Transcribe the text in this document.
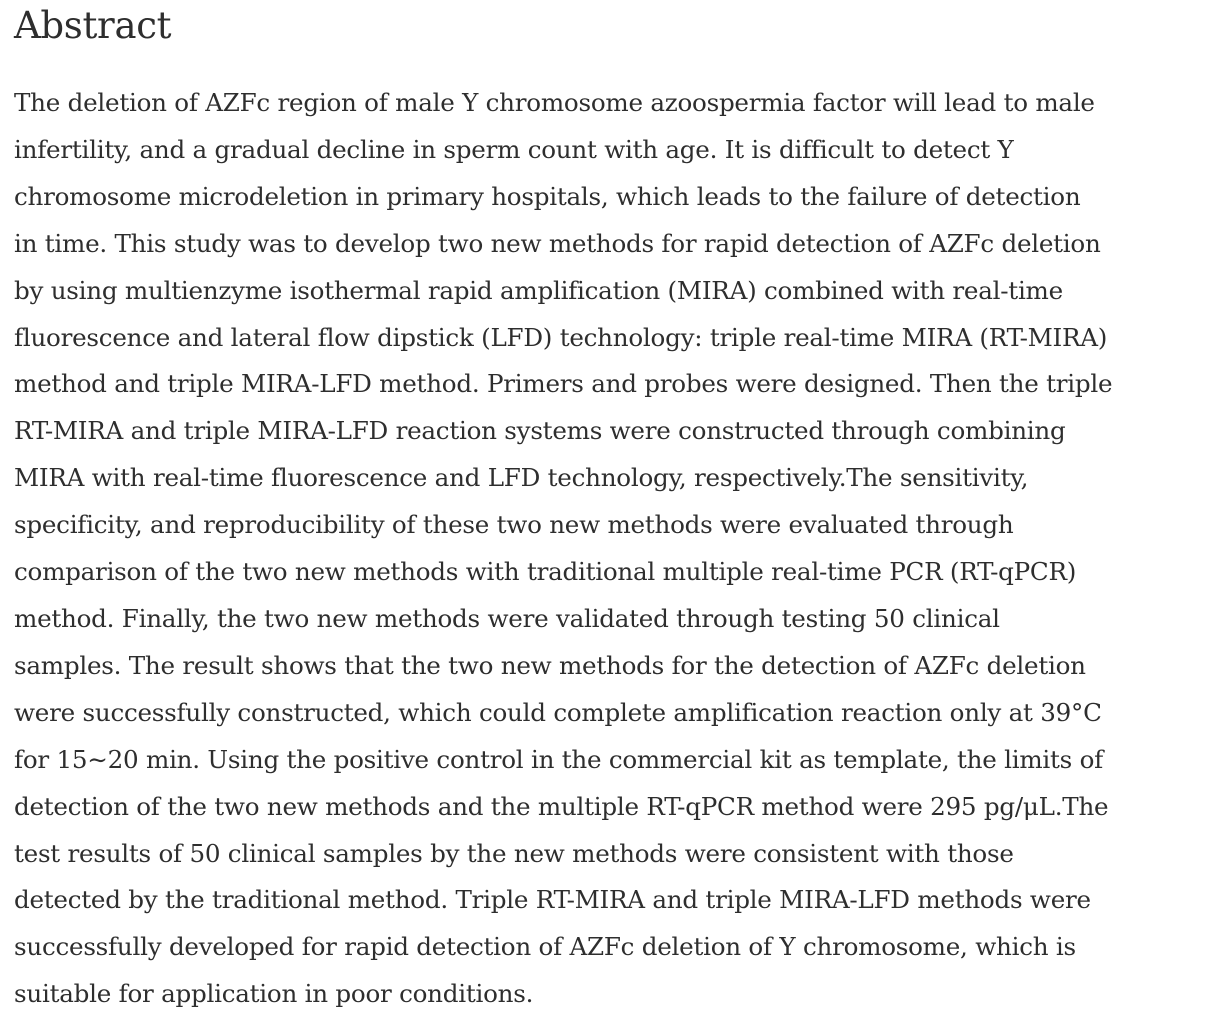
Abstract

The deletion of AZFc region of male Y chromosome azoospermia factor will lead to male
infertility, and a gradual decline in sperm count with age. It is difficult to detect Y
chromosome microdeletion in primary hospitals, which leads to the failure of detection
in time. This study was to develop two new methods for rapid detection of AZFc deletion
by using multienzyme isothermal rapid amplification (MIRA) combined with real-time
fluorescence and lateral flow dipstick (LFD) technology: triple real-time MIRA (RT-MIRA)
method and triple MIRA-LFD method. Primers and probes were designed. Then the triple
RT-MIRA and triple MIRA-LFD reaction systems were constructed through combining
MIRA with real-time fluorescence and LFD technology, respectively.The sensitivity,
specificity, and reproducibility of these two new methods were evaluated through
comparison of the two new methods with traditional multiple real-time PCR (RT-qPCR)
method. Finally, the two new methods were validated through testing 50 clinical
samples. The result shows that the two new methods for the detection of AZFc deletion
were successfully constructed, which could complete amplification reaction only at 39°C
for 15∼20 min. Using the positive control in the commercial kit as template, the limits of
detection of the two new methods and the multiple RT-qPCR method were 295 pg/μL.The
test results of 50 clinical samples by the new methods were consistent with those
detected by the traditional method. Triple RT-MIRA and triple MIRA-LFD methods were
successfully developed for rapid detection of AZFc deletion of Y chromosome, which is
suitable for application in poor conditions.
